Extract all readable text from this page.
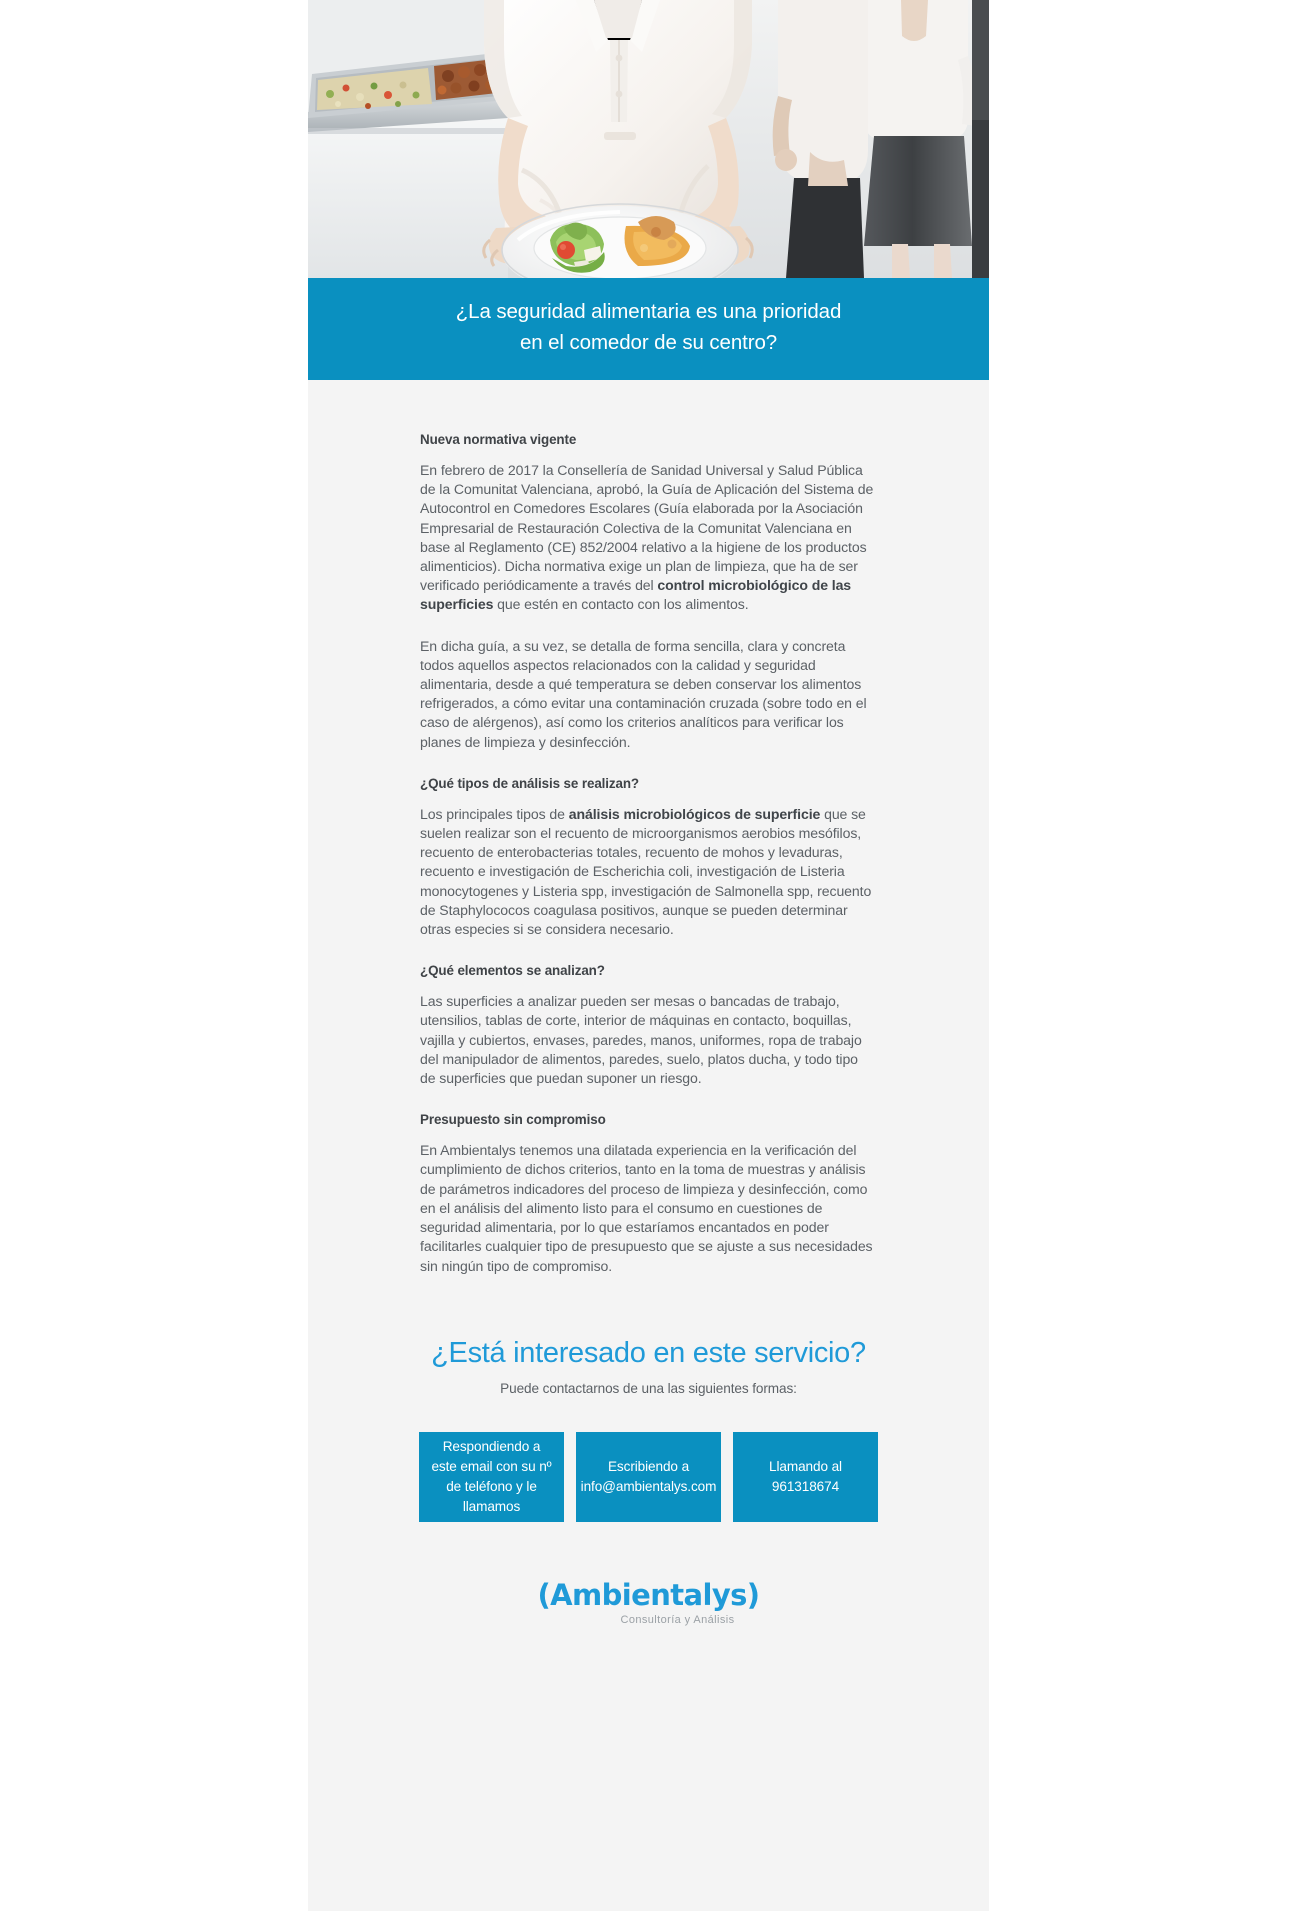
¿La seguridad alimentaria es una prioridad
en el comedor de su centro?
Nueva normativa vigente

En febrero de 2017 la Consellería de Sanidad Universal y Salud Pública de la Comunitat Valenciana, aprobó, la Guía de Aplicación del Sistema de Autocontrol en Comedores Escolares (Guía elaborada por la Asociación Empresarial de Restauración Colectiva de la Comunitat Valenciana en base al Reglamento (CE) 852/2004 relativo a la higiene de los productos alimenticios). Dicha normativa exige un plan de limpieza, que ha de ser verificado periódicamente a través del control microbiológico de las superficies que estén en contacto con los alimentos.

En dicha guía, a su vez, se detalla de forma sencilla, clara y concreta todos aquellos aspectos relacionados con la calidad y seguridad alimentaria, desde a qué temperatura se deben conservar los alimentos refrigerados, a cómo evitar una contaminación cruzada (sobre todo en el caso de alérgenos), así como los criterios analíticos para verificar los planes de limpieza y desinfección.

¿Qué tipos de análisis se realizan?

Los principales tipos de análisis microbiológicos de superficie que se suelen realizar son el recuento de microorganismos aerobios mesófilos, recuento de enterobacterias totales, recuento de mohos y levaduras, recuento e investigación de Escherichia coli, investigación de Listeria monocytogenes y Listeria spp, investigación de Salmonella spp, recuento de Staphylococos coagulasa positivos, aunque se pueden determinar otras especies si se considera necesario.

¿Qué elementos se analizan?

Las superficies a analizar pueden ser mesas o bancadas de trabajo, utensilios, tablas de corte, interior de máquinas en contacto, boquillas, vajilla y cubiertos, envases, paredes, manos, uniformes, ropa de trabajo del manipulador de alimentos, paredes, suelo, platos ducha, y todo tipo de superficies que puedan suponer un riesgo.

Presupuesto sin compromiso

En Ambientalys tenemos una dilatada experiencia en la verificación del cumplimiento de dichos criterios, tanto en la toma de muestras y análisis de parámetros indicadores del proceso de limpieza y desinfección, como en el análisis del alimento listo para el consumo en cuestiones de seguridad alimentaria, por lo que estaríamos encantados en poder facilitarles cualquier tipo de presupuesto que se ajuste a sus necesidades sin ningún tipo de compromiso.

¿Está interesado en este servicio?
Puede contactarnos de una las siguientes formas:
Respondiendo a este email con su nº de teléfono y le llamamos
Escribiendo a info@ambientalys.com
Llamando al 961318674
(Ambientalys)
Consultoría y Análisis
